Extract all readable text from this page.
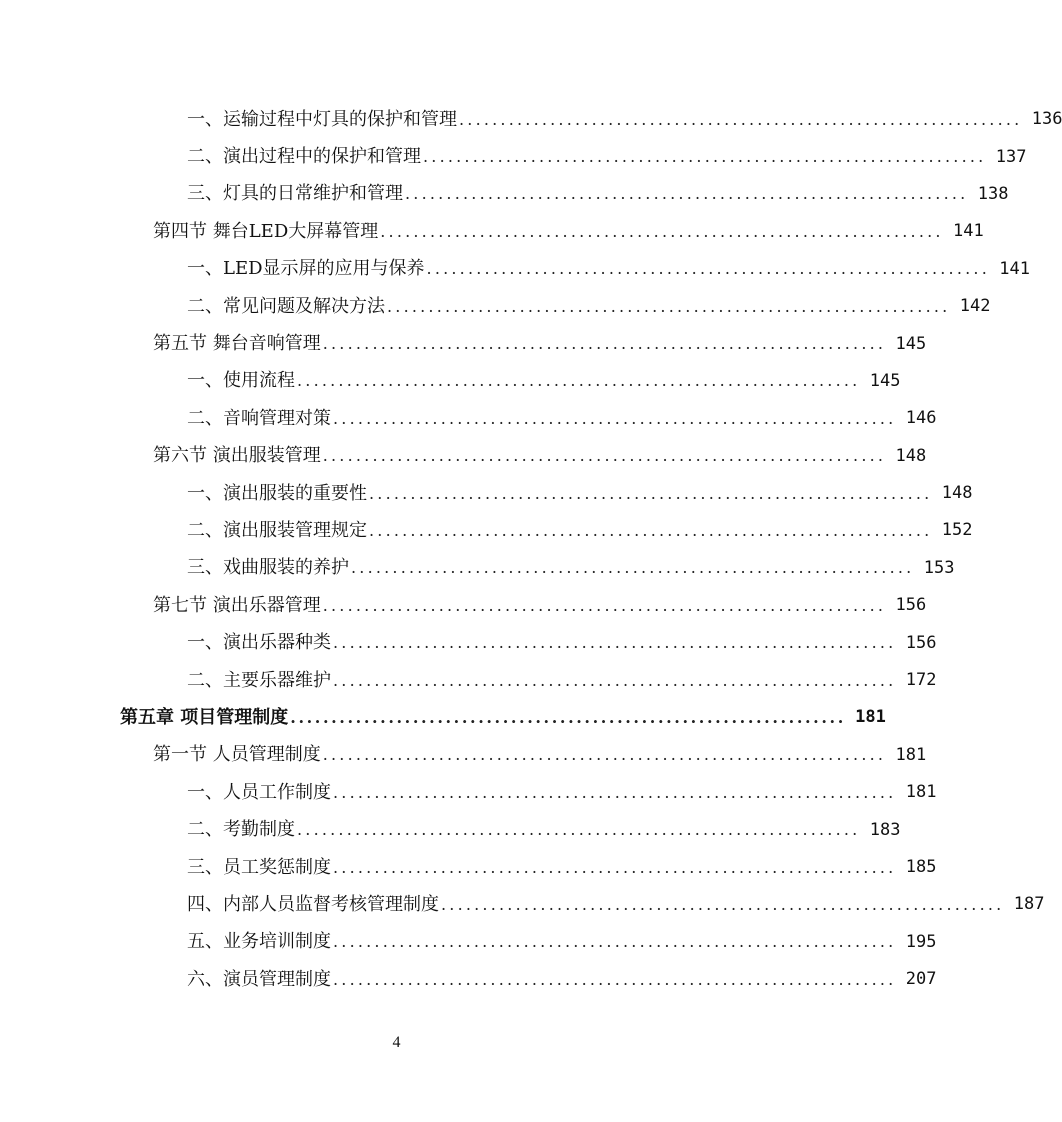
一、运输过程中灯具的保护和管理 .................................................................... 136
二、演出过程中的保护和管理 .................................................................... 137
三、灯具的日常维护和管理 .................................................................... 138
第四节 舞台LED大屏幕管理 .................................................................... 141
一、LED显示屏的应用与保养 .................................................................... 141
二、常见问题及解决方法 .................................................................... 142
第五节 舞台音响管理 .................................................................... 145
一、使用流程 .................................................................... 145
二、音响管理对策 .................................................................... 146
第六节 演出服装管理 .................................................................... 148
一、演出服装的重要性 .................................................................... 148
二、演出服装管理规定 .................................................................... 152
三、戏曲服装的养护 .................................................................... 153
第七节 演出乐器管理 .................................................................... 156
一、演出乐器种类 .................................................................... 156
二、主要乐器维护 .................................................................... 172
第五章 项目管理制度 .................................................................... 181
第一节 人员管理制度 .................................................................... 181
一、人员工作制度 .................................................................... 181
二、考勤制度 .................................................................... 183
三、员工奖惩制度 .................................................................... 185
四、内部人员监督考核管理制度 .................................................................... 187
五、业务培训制度 .................................................................... 195
六、演员管理制度 .................................................................... 207
4
